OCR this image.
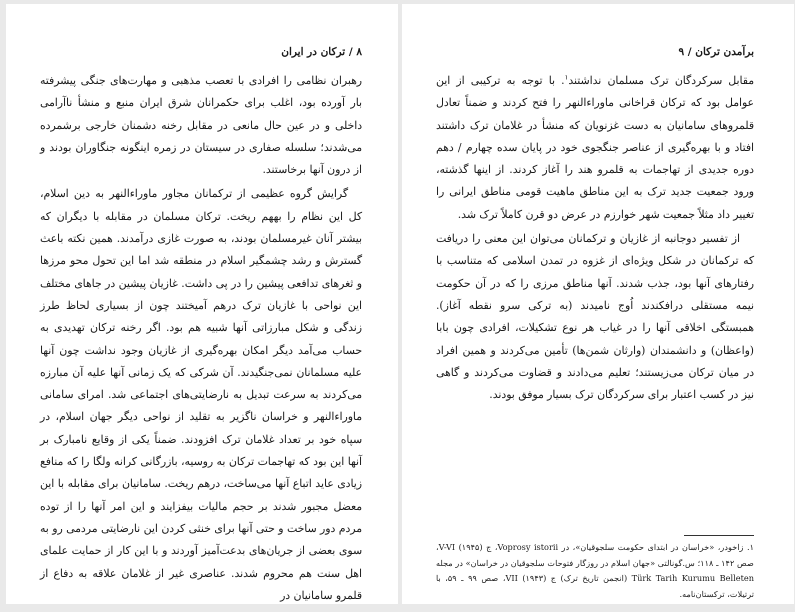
۸ / ترکان در ایران

رهبران نظامی را افرادی با تعصب مذهبی و مهارت‌های جنگی پیشرفته بار آورده بود، اغلب برای حکمرانان شرق ایران منبع و منشأ ناآرامی داخلی و در عین حال مانعی در مقابل رخنه دشمنان خارجی برشمرده می‌شدند؛ سلسله صفاری در سیستان در زمره اینگونه جنگاوران بودند و از درون آنها برخاستند.

گرایش گروه عظیمی از ترکمانان مجاور ماوراءالنهر به دین اسلام، کل این نظام را بههم ریخت. ترکان مسلمان در مقابله با دیگران که بیشتر آنان غیرمسلمان بودند، به صورت غازی درآمدند. همین نکته باعث گسترش و رشد چشمگیر اسلام در منطقه شد اما این تحول محو مرزها و ثغرهای تدافعی پیشین را در پی داشت. غازیان پیشین در جاهای مختلف این نواحی با غازیان ترک درهم آمیختند چون از بسیاری لحاظ طرز زندگی و شکل مبارزاتی آنها شبیه هم بود. اگر رخنه ترکان تهدیدی به حساب می‌آمد دیگر امکان بهره‌گیری از غازیان وجود نداشت چون آنها علیه مسلمانان نمی‌جنگیدند. آن شرکی که یک زمانی آنها علیه آن مبارزه می‌کردند به سرعت تبدیل به نارضایتی‌های اجتماعی شد. امرای سامانی ماوراءالنهر و خراسان ناگزیر به تقلید از نواحی دیگر جهان اسلام، در سپاه خود بر تعداد غلامان ترک افزودند. ضمناً یکی از وقایع نامبارک بر آنها این بود که تهاجمات ترکان به روسیه، بازرگانی کرانه ولگا را که منافع زیادی عاید اتباع آنها می‌ساخت، درهم ریخت. سامانیان برای مقابله با این معضل مجبور شدند بر حجم مالیات بیفزایند و این امر آنها را از توده مردم دور ساخت و حتی آنها برای خنثی کردن این نارضایتی مردمی رو به سوی بعضی از جریان‌های بدعت‌آمیز آوردند و با این کار از حمایت علمای اهل سنت هم محروم شدند. عناصری غیر از غلامان علاقه به دفاع از قلمرو سامانیان در

برآمدن ترکان / ۹

مقابل سرکردگان ترک مسلمان نداشتند$^۱$. با توجه به ترکیبی از این عوامل بود که ترکان قراخانی ماوراءالنهر را فتح کردند و ضمناً تعادل قلمروهای سامانیان به دست غزنویان که منشأ در غلامان ترک داشتند افتاد و با بهره‌گیری از عناصر جنگجوی خود در پایان سده چهارم / دهم دوره جدیدی از تهاجمات به قلمرو هند را آغاز کردند. از اینها گذشته، ورود جمعیت جدید ترک به این مناطق ماهیت قومی مناطق ایرانی را تغییر داد مثلاً جمعیت شهر خوارزم در عرض دو قرن کاملاً ترک شد.

از تفسیر دوجانبه از غازیان و ترکمانان می‌توان این معنی را دریافت که ترکمانان در شکل ویژه‌ای از غزوه در تمدن اسلامی که متناسب با رفتارهای آنها بود، جذب شدند. آنها مناطق مرزی را که در آن حکومت نیمه مستقلی درافکندند اُوج نامیدند (به ترکی سرو نقطه آغاز). همبستگی اخلاقی آنها را در غیاب هر نوع تشکیلات، افرادی چون بابا (واعظان) و دانشمندان (وارثان شمن‌ها) تأمین می‌کردند و همین افراد در میان ترکان می‌زیستند؛ تعلیم می‌دادند و قضاوت می‌کردند و گاهی نیز در کسب اعتبار برای سرکردگان ترک بسیار موفق بودند.

۱. زاخودر، «خراسان در ابتدای حکومت سلجوقیان»، در Voprosy istorii، ج V-VI (۱۹۴۵)، صص ۱۴۲ ـ ۱۱۸؛ س.گونالتی «جهان اسلام در روزگار فتوحات سلجوقیان در خراسان» در مجله Türk Tarih Kurumu Belleten (انجمن تاریخ ترک) ج VII (۱۹۴۳)، صص ۹۹ ـ ۵۹، با ترتیلات، ترکستان‌نامه.
